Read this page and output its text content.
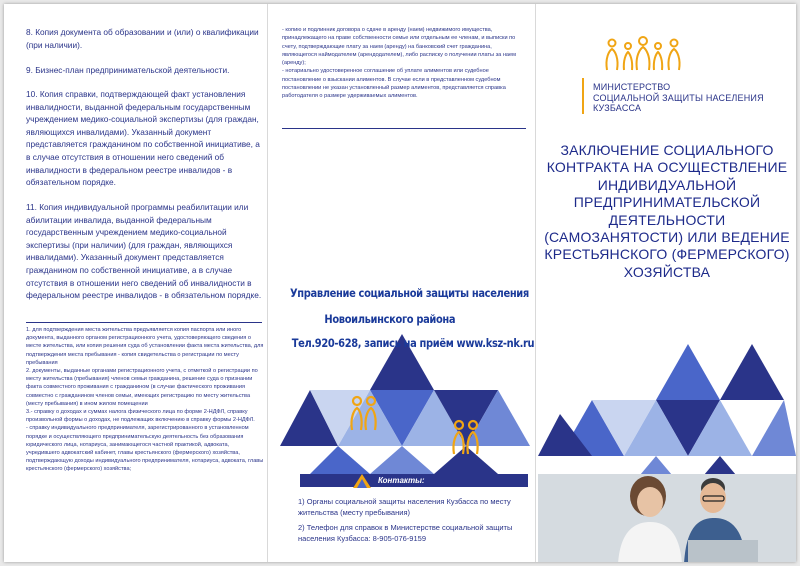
8. Копия документа об образовании и (или) о квалификации (при наличии).

9. Бизнес-план предпринимательской деятельности.

10. Копия справки, подтверждающей факт установления инвалидности, выданной федеральным государственным учреждением медико-социальной экспертизы (для граждан, являющихся инвалидами). Указанный документ представляется гражданином по собственной инициативе, а в случае отсутствия в отношении него сведений об инвалидности в федеральном реестре инвалидов - в обязательном порядке.

11. Копия индивидуальной программы реабилитации или абилитации инвалида, выданной федеральным государственным учреждением медико-социальной экспертизы (при наличии) (для граждан, являющихся инвалидами). Указанный документ представляется гражданином по собственной инициативе, а в случае отсутствия в отношении него сведений об инвалидности в федеральном реестре инвалидов - в обязательном порядке.

1. для подтверждения места жительства предъявляется копия паспорта или иного документа, выданного органом регистрационного учета, удостоверяющего сведения о месте жительства, или копия решения суда об установлении факта места жительства, для подтверждения места пребывания - копия свидетельства о регистрации по месту пребывания

2. документы, выданные органами регистрационного учета, с отметкой о регистрации по месту жительства (пребывания) членов семьи гражданина, решение суда о признании факта совместного проживания с гражданином (в случае фактического проживания совместно с гражданином членов семьи, имеющих регистрацию по месту жительства (месту пребывания) в ином жилом помещении

3.- справку о доходах и суммах налога физического лица по форме 2-НДФЛ, справку произвольной формы о доходах, не подлежащих включению в справку формы 2-НДФЛ.

- справку индивидуального предпринимателя, зарегистрированного в установленном порядке и осуществляющего предпринимательскую деятельность без образования юридического лица, нотариуса, занимающегося частной практикой, адвоката, учредившего адвокатский кабинет, главы крестьянского (фермерского) хозяйства, подтверждающую доходы индивидуального предпринимателя, нотариуса, адвоката, главы крестьянского (фермерского) хозяйства;

- копию и подлинник договора о сдаче в аренду (наем) недвижимого имущества, принадлежащего на праве собственности семье или отдельным ее членам, и выписки по счету, подтверждающие плату за наем (аренду) на банковский счет гражданина, являющегося наймодателем (арендодателем), либо расписку о получении платы за наем (аренду);

- нотариально удостоверенное соглашение об уплате алиментов или судебное постановление о взыскании алиментов. В случае если в представленном судебном постановлении не указан установленный размер алиментов, представляется справка работодателя о размере удерживаемых алиментов.

Управление социальной защиты населения
Новоильинского района
Тел.920-628, запись на приём www.ksz-nk.ru
Контакты:

1) Органы социальной защиты населения Кузбасса по месту жительства (месту пребывания)

2) Телефон для справок в Министерстве социальной защиты населения Кузбасса: 8-905-076-9159

МИНИСТЕРСТВО
СОЦИАЛЬНОЙ ЗАЩИТЫ НАСЕЛЕНИЯ
КУЗБАССА
ЗАКЛЮЧЕНИЕ СОЦИАЛЬНОГО КОНТРАКТА НА ОСУЩЕСТВЛЕНИЕ ИНДИВИДУАЛЬНОЙ ПРЕДПРИНИМАТЕЛЬСКОЙ ДЕЯТЕЛЬНОСТИ (САМОЗАНЯТОСТИ) ИЛИ ВЕДЕНИЕ КРЕСТЬЯНСКОГО (ФЕРМЕРСКОГО) ХОЗЯЙСТВА
